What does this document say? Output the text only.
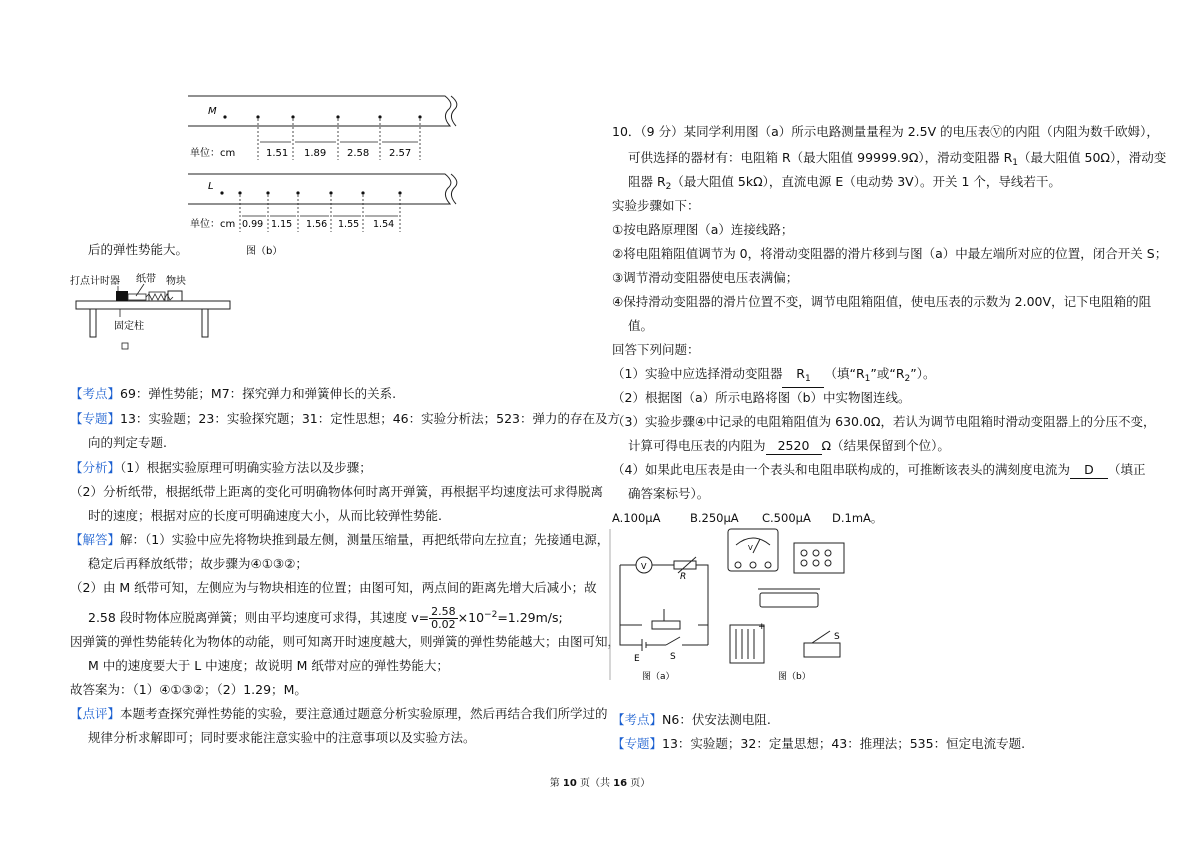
M
单位：cm	1.51 1.89 2.58 2.57
L
单位：cm 0.99 1.15 1.56 1.55 1.54
图（b）
后的弹性势能大。
打点计时器 纸带 物块
固定柱
【考点】69：弹性势能；M7：探究弹力和弹簧伸长的关系.
【专题】13：实验题；23：实验探究题；31：定性思想；46：实验分析法；523：弹力的存在及方
向的判定专题.
【分析】（1）根据实验原理可明确实验方法以及步骤；
（2）分析纸带，根据纸带上距离的变化可明确物体何时离开弹簧，再根据平均速度法可求得脱离
时的速度；根据对应的长度可明确速度大小，从而比较弹性势能.
【解答】解：（1）实验中应先将物块推到最左侧，测量压缩量，再把纸带向左拉直；先接通电源，
稳定后再释放纸带；故步骤为④①③②；
（2）由 M 纸带可知，左侧应为与物块相连的位置；由图可知，两点间的距离先增大后减小；故
2.58 段时物体应脱离弹簧；则由平均速度可求得，其速度 $v= \frac{2.58}{0.02} \times 10^{-2}=1.29m/s$;
因弹簧的弹性势能转化为物体的动能，则可知离开时速度越大，则弹簧的弹性势能越大；由图可知，
M 中的速度要大于 L 中速度；故说明 M 纸带对应的弹性势能大；
故答案为：（1）④①③②；（2）1.29；M。
【点评】本题考查探究弹性势能的实验，要注意通过题意分析实验原理，然后再结合我们所学过的
规律分析求解即可；同时要求能注意实验中的注意事项以及实验方法。
10．（9 分）某同学利用图（a）所示电路测量量程为 2.5V 的电压表Ⓥ的内阻（内阻为数千欧姆），
可供选择的器材有：电阻箱 R（最大阻值 99999.9Ω），滑动变阻器 $R_1$（最大阻值 50Ω），滑动变
阻器 $R_2$（最大阻值 5kΩ），直流电源 E（电动势 3V）。开关 1 个，导线若干。
实验步骤如下：
①按电路原理图（a）连接线路；
②将电阻箱阻值调节为 0，将滑动变阻器的滑片移到与图（a）中最左端所对应的位置，闭合开关 S；
③调节滑动变阻器使电压表满偏；
④保持滑动变阻器的滑片位置不变，调节电阻箱阻值，使电压表的示数为 2.00V，记下电阻箱的阻
值。
回答下列问题：
（1）实验中应选择滑动变阻器 $R_1$ （填“$R_1$”或“$R_2$”）。
（2）根据图（a）所示电路将图（b）中实物图连线。
（3）实验步骤④中记录的电阻箱阻值为 630.0Ω，若认为调节电阻箱时滑动变阻器上的分压不变，
计算可得电压表的内阻为 2520 Ω（结果保留到个位）。
（4）如果此电压表是由一个表头和电阻串联构成的，可推断该表头的满刻度电流为 D （填正
确答案标号）。
A.100μA	B.250μA C.500μA D.1mA。
V
R
E	S
图（a）
V
+
S
图（b）
【考点】N6：伏安法测电阻.
【专题】13：实验题；32：定量思想；43：推理法；535：恒定电流专题.
第 10 页（共 16 页）
